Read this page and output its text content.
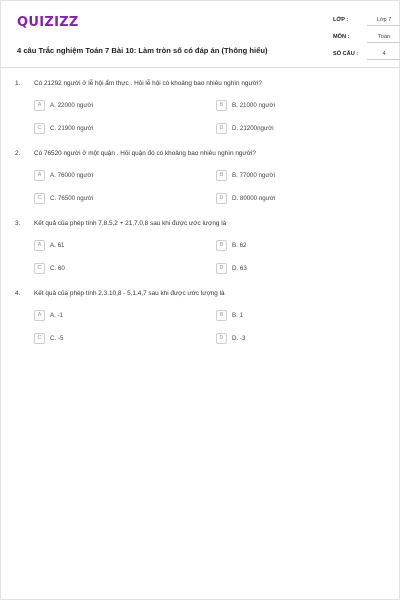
QUIZIZZ
4 câu Trắc nghiệm Toán 7 Bài 10: Làm tròn số có đáp án (Thông hiểu)
LỚP :	Lớp 7
MÔN :	Toán
SỐ CÂU :	4
1. Có 21292 người ở lễ hội ẩm thực . Hỏi lễ hội có khoảng bao nhiêu nghìn người?
A	A. 22000 người	B	B. 21000 người
C	C. 21900 người	D	D. 21200người
2. Có 76520 người ở một quận . Hỏi quận đó có khoảng bao nhiêu nghìn người?
A	A. 76000 người	B	B. 77000 người
C	C. 76500 người	D	D. 80000 người
3. Kết quả của phép tính 7,8.5,2 + 21,7.0,8 sau khi được ước lượng là
A	A. 61	B	B. 62
C	C. 60	D	D. 63
4. Kết quả của phép tính 2,3.10,8 - 5,1.4,7 sau khi được ước lượng là
A	A. -1	B	B. 1
C	C. -5	D	D. -3
